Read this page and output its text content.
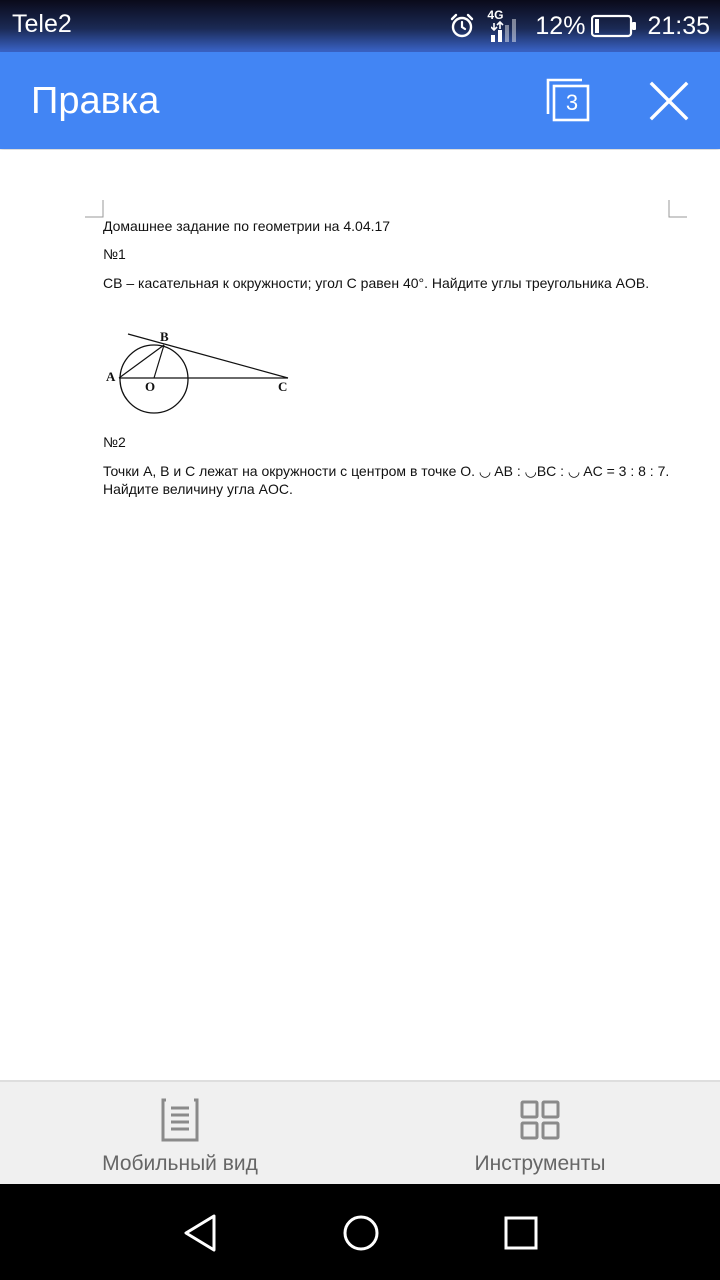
Tele2	4G 12% 21:35
Правка	3
Домашнее задание по геометрии на 4.04.17
№1
CB – касательная к окружности; угол С равен 40°. Найдите углы треугольника AOB.
A
B
O	C
№2
Точки A, B и C лежат на окружности с центром в точке O. ◡ AB : ◡BC : ◡ AC = 3 : 8 : 7. Найдите величину угла AOC.
Мобильный вид	Инструменты
